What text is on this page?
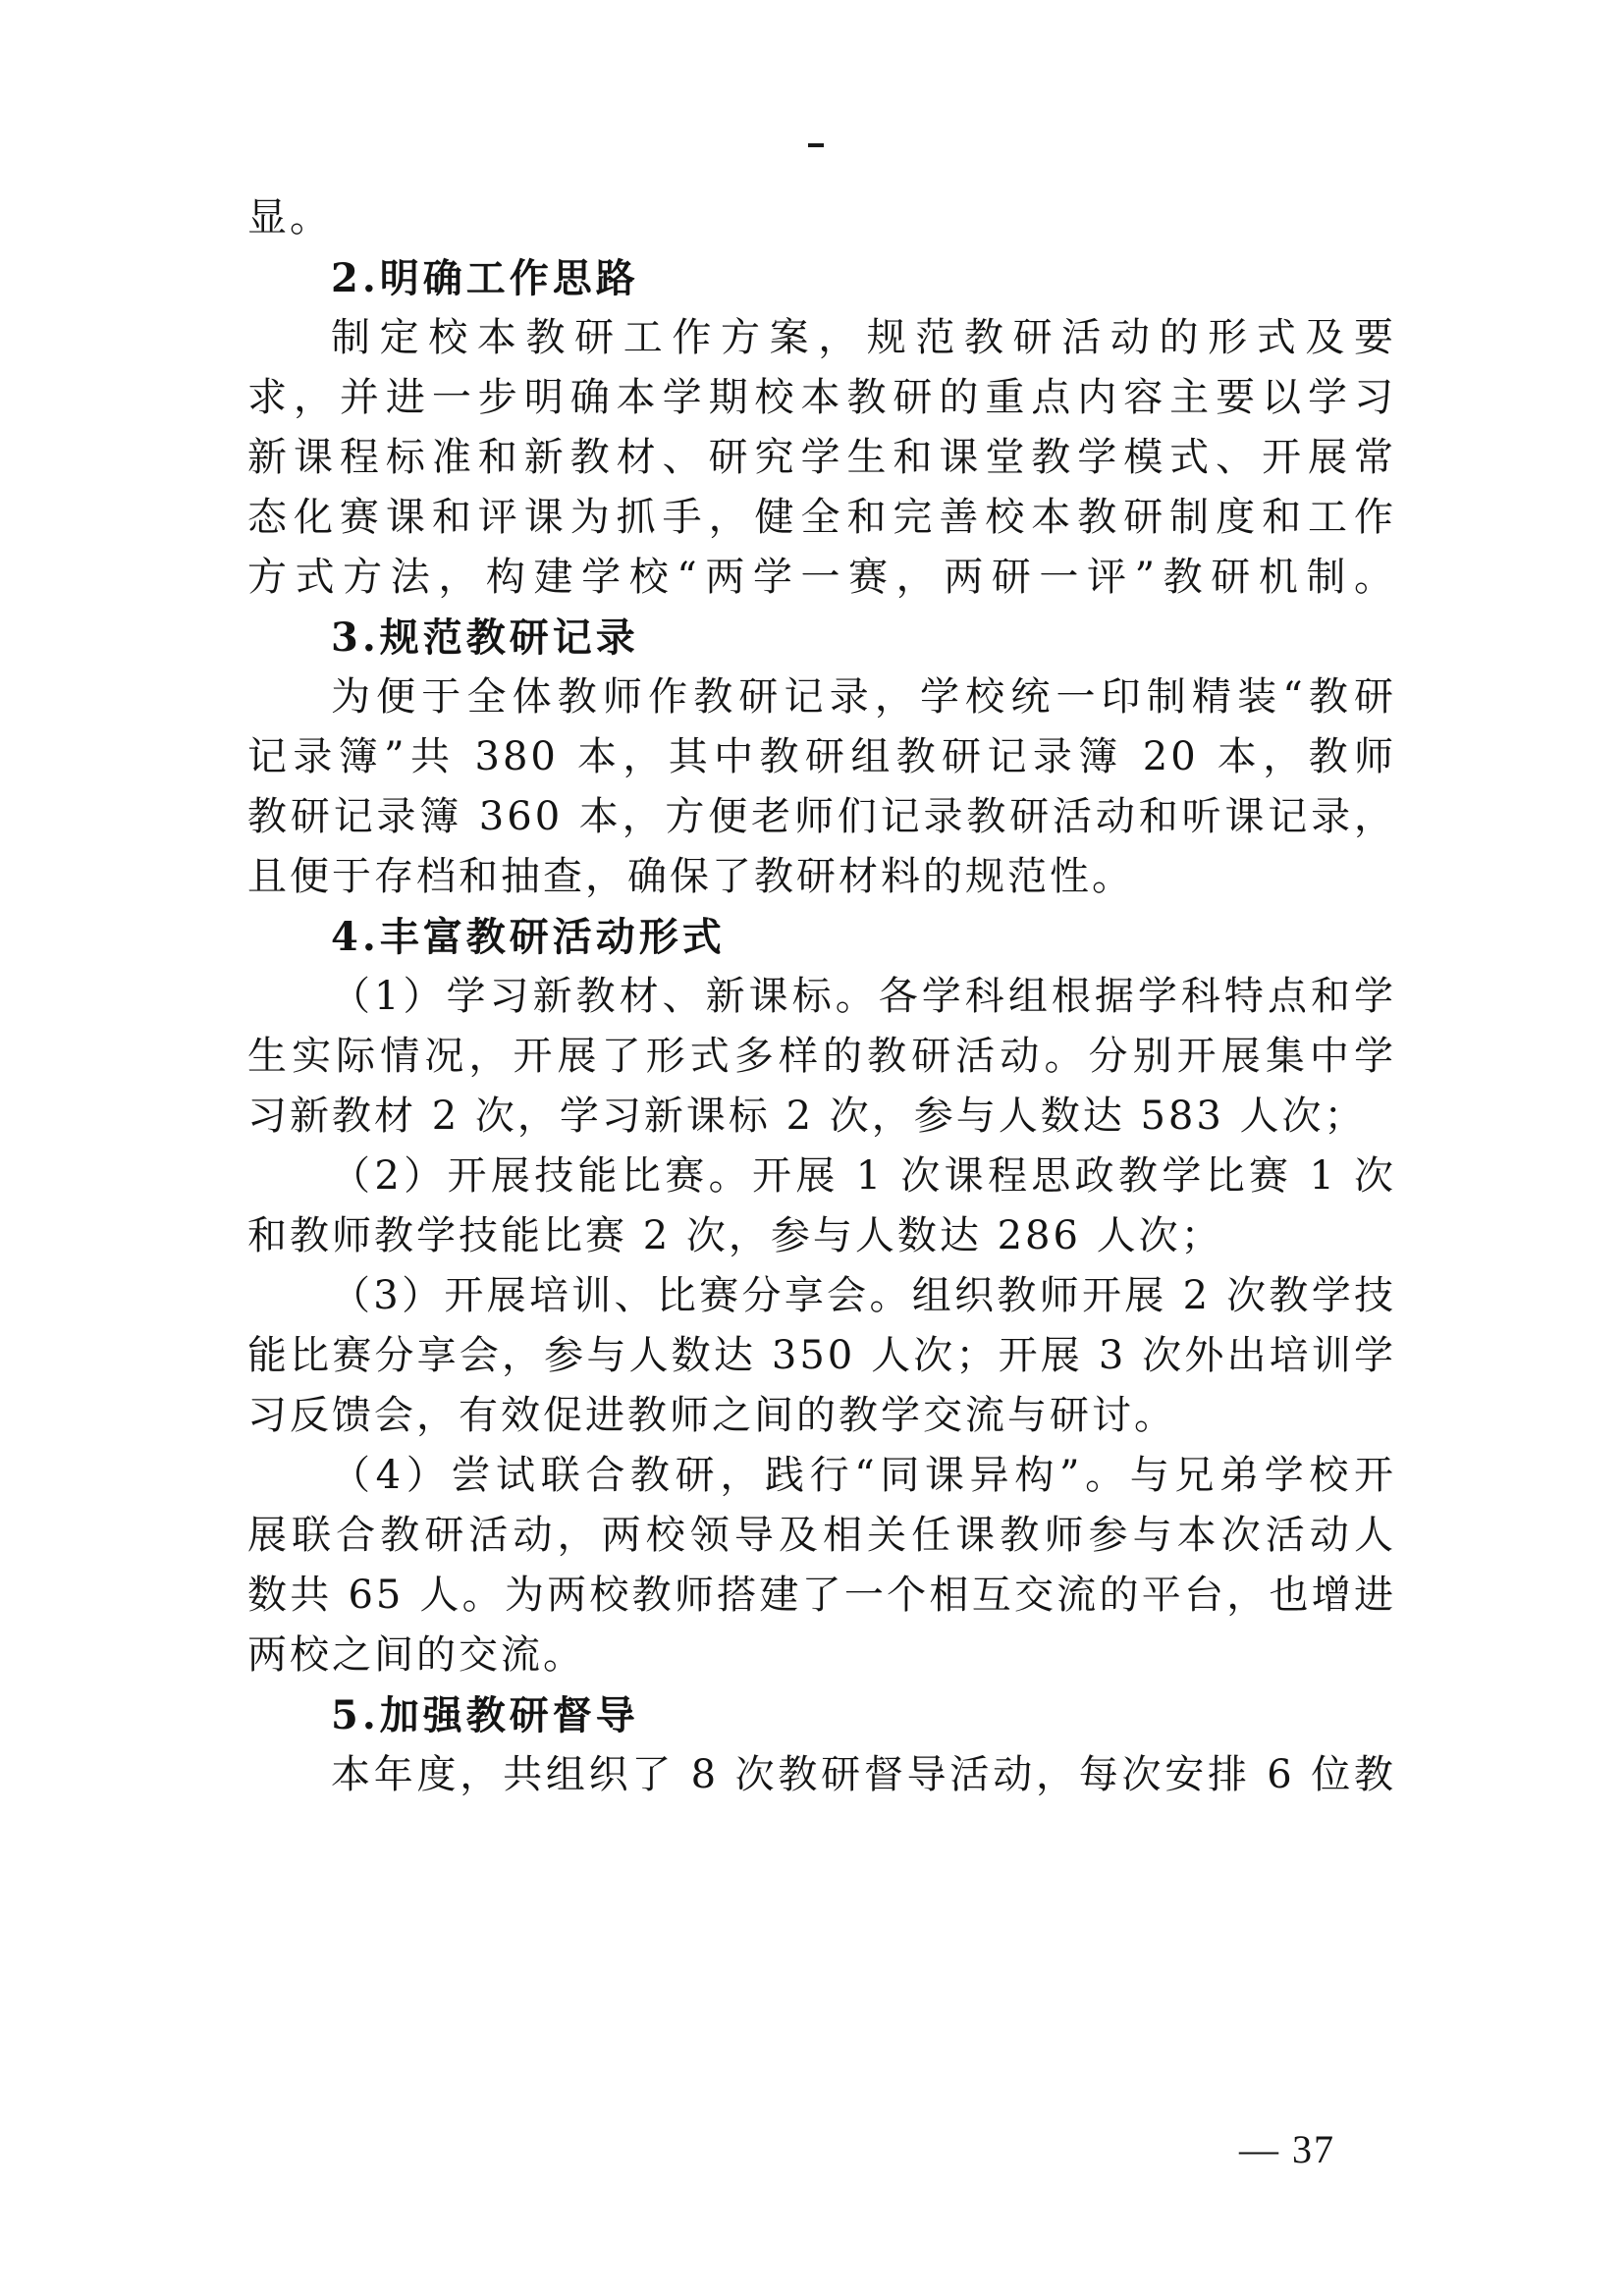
显。
2.明确工作思路
制定校本教研工作方案，规范教研活动的形式及要
求，并进一步明确本学期校本教研的重点内容主要以学习
新课程标准和新教材、研究学生和课堂教学模式、开展常
态化赛课和评课为抓手，健全和完善校本教研制度和工作
方式方法，构建学校“两学一赛，两研一评”教研机制。
3.规范教研记录
为便于全体教师作教研记录，学校统一印制精装“教研
记录簿”共 380 本，其中教研组教研记录簿 20 本，教师
教研记录簿 360 本，方便老师们记录教研活动和听课记录，
且便于存档和抽查，确保了教研材料的规范性。
4.丰富教研活动形式
（1）学习新教材、新课标。各学科组根据学科特点和学
生实际情况，开展了形式多样的教研活动。分别开展集中学
习新教材 2 次，学习新课标 2 次，参与人数达 583 人次；
（2）开展技能比赛。开展 1 次课程思政教学比赛 1 次
和教师教学技能比赛 2 次，参与人数达 286 人次；
（3）开展培训、比赛分享会。组织教师开展 2 次教学技
能比赛分享会，参与人数达 350 人次；开展 3 次外出培训学
习反馈会，有效促进教师之间的教学交流与研讨。
（4）尝试联合教研，践行“同课异构”。与兄弟学校开
展联合教研活动，两校领导及相关任课教师参与本次活动人
数共 65 人。为两校教师搭建了一个相互交流的平台，也增进
两校之间的交流。
5.加强教研督导
本年度，共组织了 8 次教研督导活动，每次安排 6 位教
— 37
